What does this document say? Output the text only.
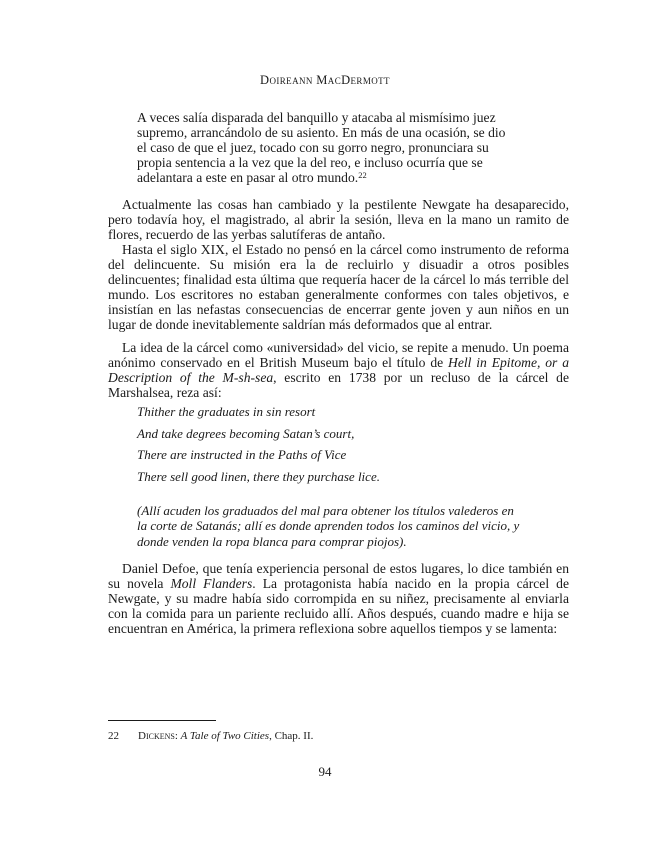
Doireann MacDermott

A veces salía disparada del banquillo y atacaba al mismísimo juez supremo, arrancándolo de su asiento. En más de una ocasión, se dio el caso de que el juez, tocado con su gorro negro, pronunciara su propia sentencia a la vez que la del reo, e incluso ocurría que se adelantara a este en pasar al otro mundo.$^{22}$

Actualmente las cosas han cambiado y la pestilente Newgate ha desaparecido, pero todavía hoy, el magistrado, al abrir la sesión, lleva en la mano un ramito de flores, recuerdo de las yerbas salutíferas de antaño.

Hasta el siglo XIX, el Estado no pensó en la cárcel como instrumento de reforma del delincuente. Su misión era la de recluirlo y disuadir a otros posibles delincuentes; finalidad esta última que requería hacer de la cárcel lo más terrible del mundo. Los escritores no estaban generalmente conformes con tales objetivos, e insistían en las nefastas consecuencias de encerrar gente joven y aun niños en un lugar de donde inevitablemente saldrían más deformados que al entrar.

La idea de la cárcel como «universidad» del vicio, se repite a menudo. Un poema anónimo conservado en el British Museum bajo el título de Hell in Epitome, or a Description of the M-sh-sea, escrito en 1738 por un recluso de la cárcel de Marshalsea, reza así:

Thither the graduates in sin resort
And take degrees becoming Satan’s court,
There are instructed in the Paths of Vice
There sell good linen, there they purchase lice.

(Allí acuden los graduados del mal para obtener los títulos valederos en la corte de Satanás; allí es donde aprenden todos los caminos del vicio, y donde venden la ropa blanca para comprar piojos).

Daniel Defoe, que tenía experiencia personal de estos lugares, lo dice también en su novela Moll Flanders. La protagonista había nacido en la propia cárcel de Newgate, y su madre había sido corrompida en su niñez, precisamente al enviarla con la comida para un pariente recluido allí. Años después, cuando madre e hija se encuentran en América, la primera reflexiona sobre aquellos tiempos y se lamenta:

22 Dickens: A Tale of Two Cities, Chap. II.
94
